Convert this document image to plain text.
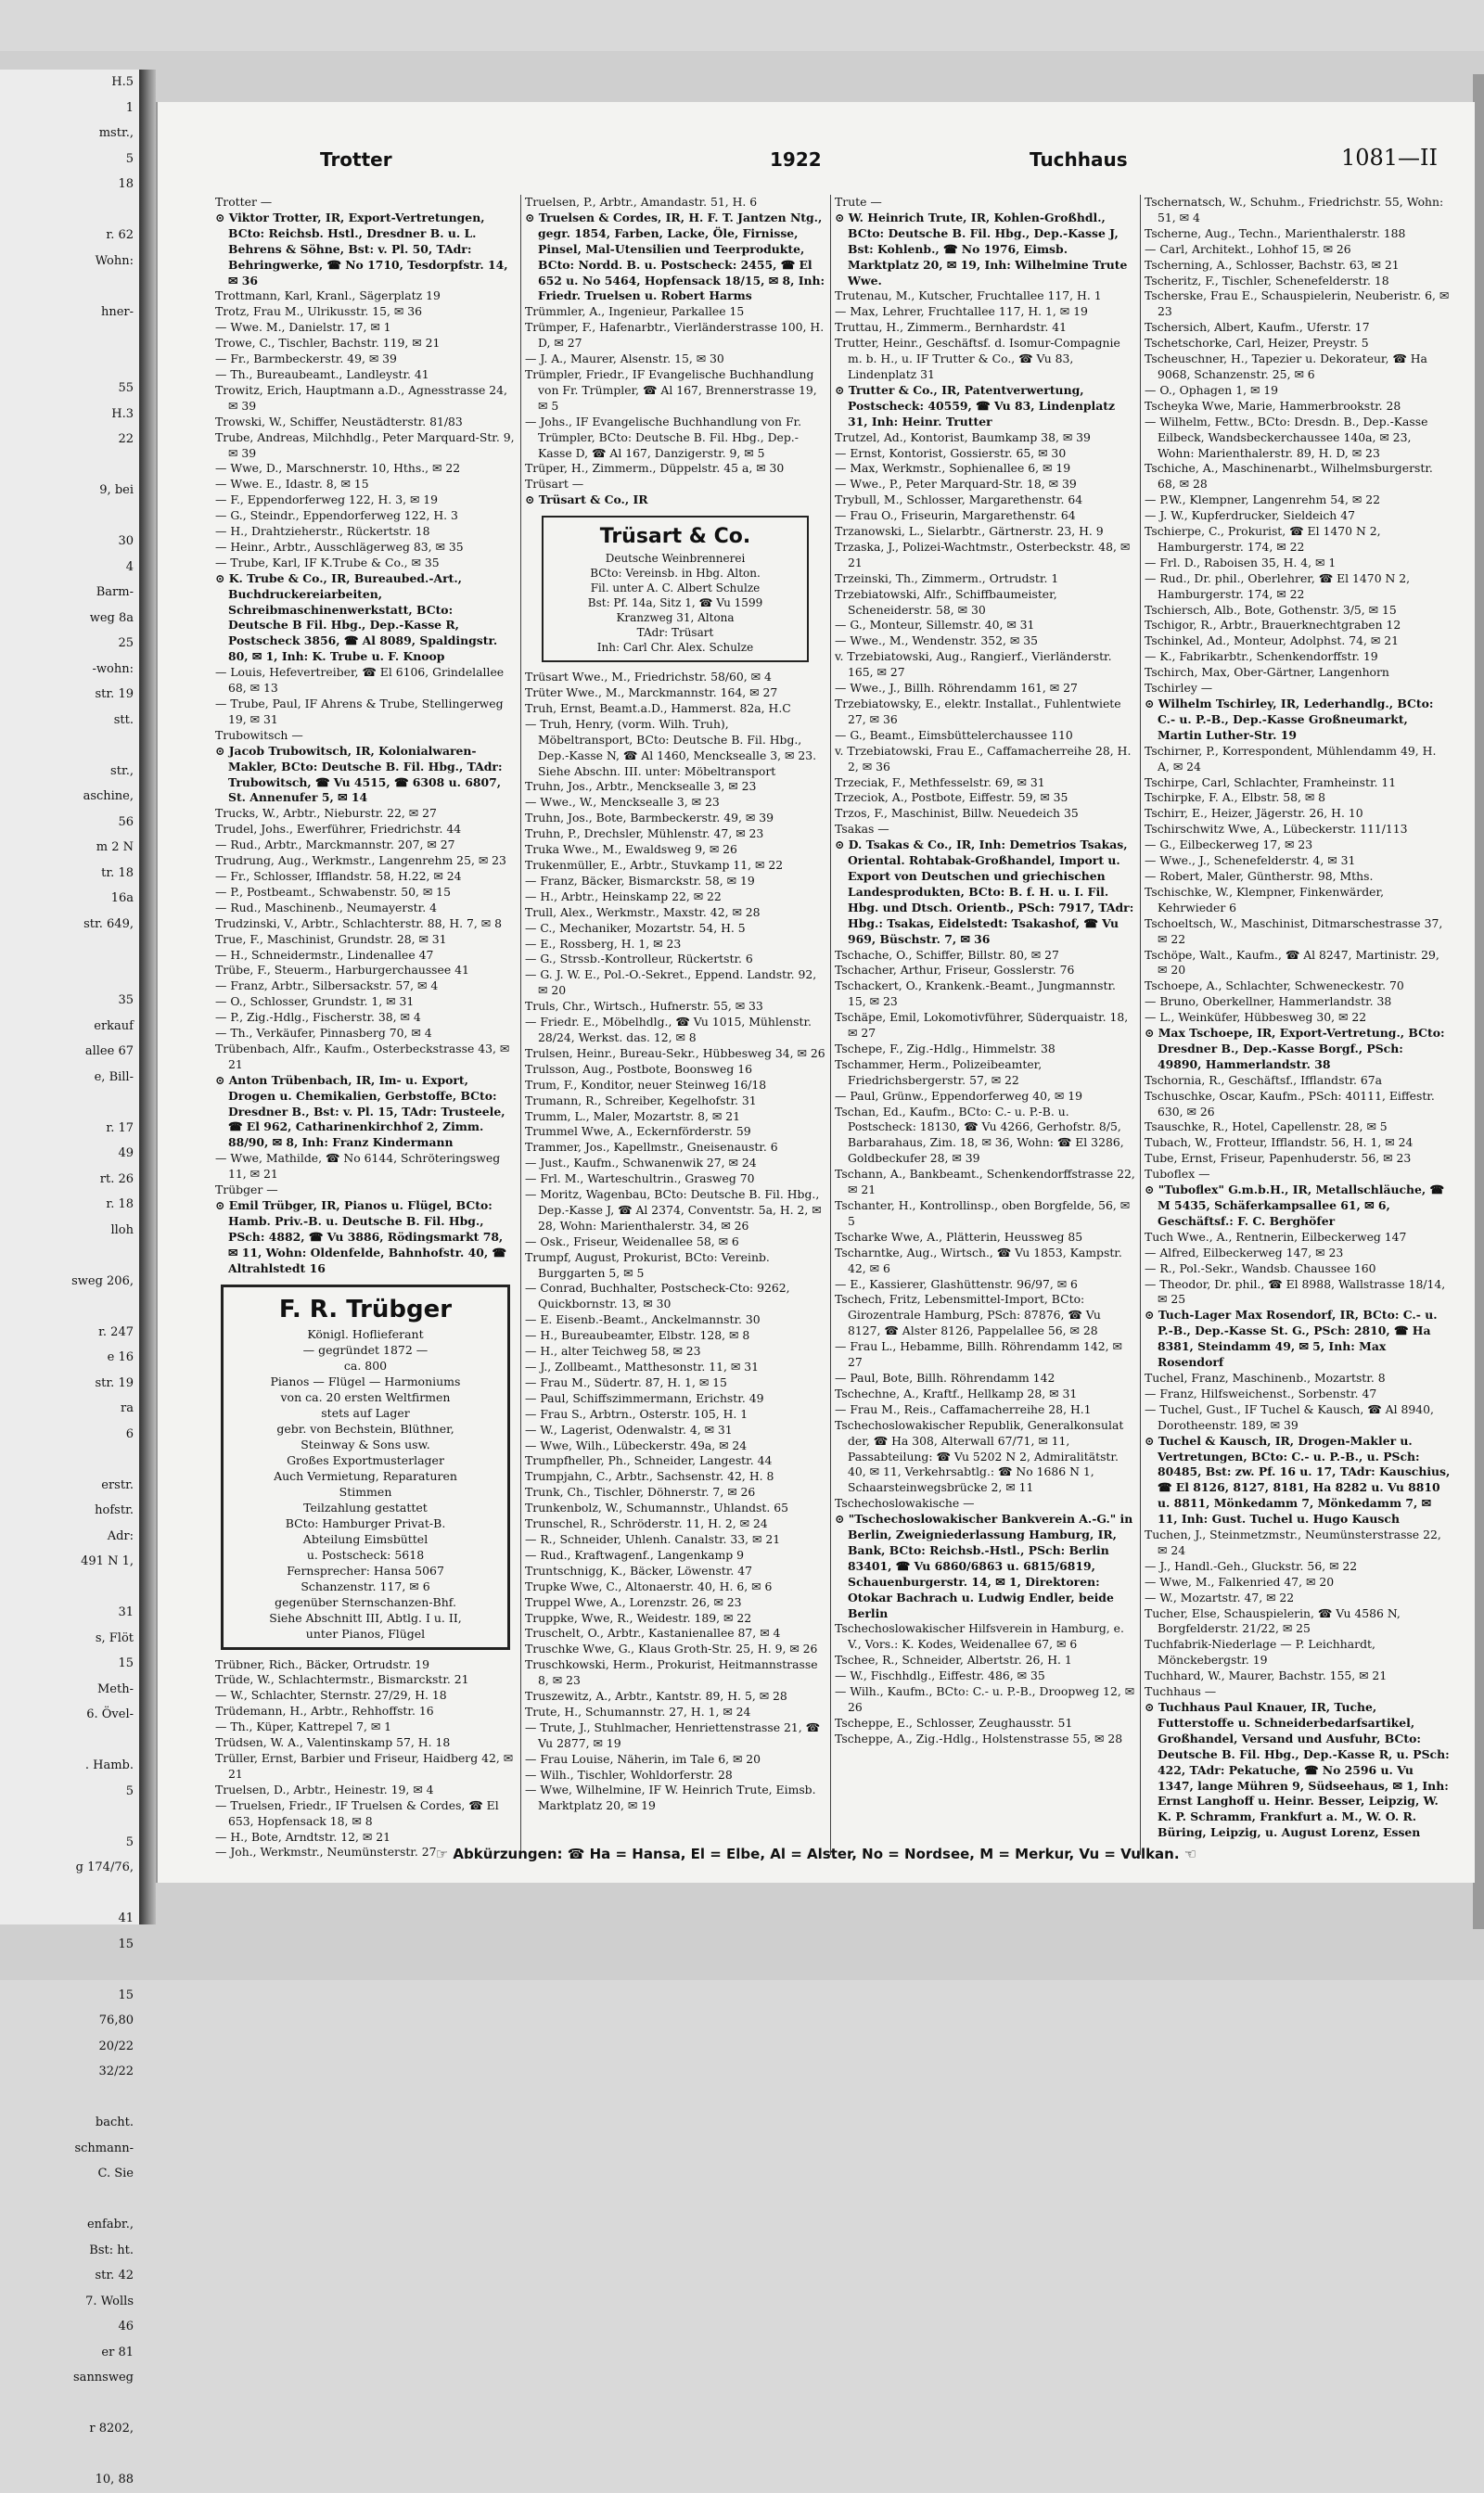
H.5
1
mstr.,
5
18

r. 62
Wohn:

hner-

55
H.3
22

9, bei

30
4
Barm-
weg 8a
25
-wohn:
str. 19
stt.

str.,
aschine,
56
m 2 N
tr. 18
16a
str. 649,

35
erkauf
allee 67
e, Bill-

r. 17
49
rt. 26
r. 18
lloh

sweg 206,

r. 247
e 16
str. 19
ra
6

erstr.
hofstr.
Adr:
491 N 1,

31
s, Flöt
15
Meth-
6. Övel-

. Hamb.
5

5
g 174/76,

41
15

15
76,80
20/22
32/22

bacht.
schmann-
C. Sie

enfabr.,
Bst: ht.
str. 42
7. Wolls
46
er 81
sannsweg

r 8202,

10, 88
Trotter	1922	Tuchhaus	1081—II

Trotter —

⊙ Viktor Trotter, IR, Export-Vertretungen, BCto: Reichsb. Hstl., Dresdner B. u. L. Behrens & Söhne, Bst: v. Pl. 50, TAdr: Behringwerke, ☎ No 1710, Tesdorpfstr. 14, ✉ 36

Trottmann, Karl, Kranl., Sägerplatz 19

Trotz, Frau M., Ulrikusstr. 15, ✉ 36

— Wwe. M., Danielstr. 17, ✉ 1

Trowe, C., Tischler, Bachstr. 119, ✉ 21

— Fr., Barmbeckerstr. 49, ✉ 39

— Th., Bureaubeamt., Landleystr. 41

Trowitz, Erich, Hauptmann a.D., Agnesstrasse 24, ✉ 39

Trowski, W., Schiffer, Neustädterstr. 81/83

Trube, Andreas, Milchhdlg., Peter Marquard-Str. 9, ✉ 39

— Wwe, D., Marschnerstr. 10, Hths., ✉ 22

— Wwe. E., Idastr. 8, ✉ 15

— F., Eppendorferweg 122, H. 3, ✉ 19

— G., Steindr., Eppendorferweg 122, H. 3

— H., Drahtzieherstr., Rückertstr. 18

— Heinr., Arbtr., Ausschlägerweg 83, ✉ 35

— Trube, Karl, IF K.Trube & Co., ✉ 35

⊙ K. Trube & Co., IR, Bureaubed.-Art., Buchdruckereiarbeiten, Schreibmaschinenwerkstatt, BCto: Deutsche B Fil. Hbg., Dep.-Kasse R, Postscheck 3856, ☎ Al 8089, Spaldingstr. 80, ✉ 1, Inh: K. Trube u. F. Knoop

— Louis, Hefevertreiber, ☎ El 6106, Grindelallee 68, ✉ 13

— Trube, Paul, IF Ahrens & Trube, Stellingerweg 19, ✉ 31

Trubowitsch —

⊙ Jacob Trubowitsch, IR, Kolonialwaren-Makler, BCto: Deutsche B. Fil. Hbg., TAdr: Trubowitsch, ☎ Vu 4515, ☎ 6308 u. 6807, St. Annenufer 5, ✉ 14

Trucks, W., Arbtr., Nieburstr. 22, ✉ 27

Trudel, Johs., Ewerführer, Friedrichstr. 44

— Rud., Arbtr., Marckmannstr. 207, ✉ 27

Trudrung, Aug., Werkmstr., Langenrehm 25, ✉ 23

— Fr., Schlosser, Ifflandstr. 58, H.22, ✉ 24

— P., Postbeamt., Schwabenstr. 50, ✉ 15

— Rud., Maschinenb., Neumayerstr. 4

Trudzinski, V., Arbtr., Schlachterstr. 88, H. 7, ✉ 8

True, F., Maschinist, Grundstr. 28, ✉ 31

— H., Schneidermstr., Lindenallee 47

Trübe, F., Steuerm., Harburgerchaussee 41

— Franz, Arbtr., Silbersackstr. 57, ✉ 4

— O., Schlosser, Grundstr. 1, ✉ 31

— P., Zig.-Hdlg., Fischerstr. 38, ✉ 4

— Th., Verkäufer, Pinnasberg 70, ✉ 4

Trübenbach, Alfr., Kaufm., Osterbeckstrasse 43, ✉ 21

⊙ Anton Trübenbach, IR, Im- u. Export, Drogen u. Chemikalien, Gerbstoffe, BCto: Dresdner B., Bst: v. Pl. 15, TAdr: Trusteele, ☎ El 962, Catharinenkirchhof 2, Zimm. 88/90, ✉ 8, Inh: Franz Kindermann

— Wwe, Mathilde, ☎ No 6144, Schröteringsweg 11, ✉ 21

Trübger —

⊙ Emil Trübger, IR, Pianos u. Flügel, BCto: Hamb. Priv.-B. u. Deutsche B. Fil. Hbg., PSch: 4882, ☎ Vu 3886, Rödingsmarkt 78, ✉ 11, Wohn: Oldenfelde, Bahnhofstr. 40, ☎ Altrahlstedt 16

F. R. Trübger
Königl. Hoflieferant
— gegründet 1872 —
ca. 800
Pianos — Flügel — Harmoniums
von ca. 20 ersten Weltfirmen
stets auf Lager
gebr. von Bechstein, Blüthner,
Steinway & Sons usw.
Großes Exportmusterlager
Auch Vermietung, Reparaturen
Stimmen
Teilzahlung gestattet
BCto: Hamburger Privat-B.
Abteilung Eimsbüttel
u. Postscheck: 5618
Fernsprecher: Hansa 5067
Schanzenstr. 117, ✉ 6
gegenüber Sternschanzen-Bhf.
Siehe Abschnitt III, Abtlg. I u. II,
unter Pianos, Flügel

Trübner, Rich., Bäcker, Ortrudstr. 19

Trüde, W., Schlachtermstr., Bismarckstr. 21

— W., Schlachter, Sternstr. 27/29, H. 18

Trüdemann, H., Arbtr., Rehhoffstr. 16

— Th., Küper, Kattrepel 7, ✉ 1

Trüdsen, W. A., Valentinskamp 57, H. 18

Trüller, Ernst, Barbier und Friseur, Haidberg 42, ✉ 21

Truelsen, D., Arbtr., Heinestr. 19, ✉ 4

— Truelsen, Friedr., IF Truelsen & Cordes, ☎ El 653, Hopfensack 18, ✉ 8

— H., Bote, Arndtstr. 12, ✉ 21

— Joh., Werkmstr., Neumünsterstr. 27

Truelsen, P., Arbtr., Amandastr. 51, H. 6

⊙ Truelsen & Cordes, IR, H. F. T. Jantzen Ntg., gegr. 1854, Farben, Lacke, Öle, Firnisse, Pinsel, Mal-Utensilien und Teerprodukte, BCto: Nordd. B. u. Postscheck: 2455, ☎ El 652 u. No 5464, Hopfensack 18/15, ✉ 8, Inh: Friedr. Truelsen u. Robert Harms

Trümmler, A., Ingenieur, Parkallee 15

Trümper, F., Hafenarbtr., Vierländerstrasse 100, H. D, ✉ 27

— J. A., Maurer, Alsenstr. 15, ✉ 30

Trümpler, Friedr., IF Evangelische Buchhandlung von Fr. Trümpler, ☎ Al 167, Brennerstrasse 19, ✉ 5

— Johs., IF Evangelische Buchhandlung von Fr. Trümpler, BCto: Deutsche B. Fil. Hbg., Dep.-Kasse D, ☎ Al 167, Danzigerstr. 9, ✉ 5

Trüper, H., Zimmerm., Düppelstr. 45 a, ✉ 30

Trüsart —

⊙ Trüsart & Co., IR

Trüsart & Co.
Deutsche Weinbrennerei
BCto: Vereinsb. in Hbg. Alton.
Fil. unter A. C. Albert Schulze
Bst: Pf. 14a, Sitz 1, ☎ Vu 1599
Kranzweg 31, Altona
TAdr: Trüsart
Inh: Carl Chr. Alex. Schulze

Trüsart Wwe., M., Friedrichstr. 58/60, ✉ 4

Trüter Wwe., M., Marckmannstr. 164, ✉ 27

Truh, Ernst, Beamt.a.D., Hammerst. 82a, H.C

— Truh, Henry, (vorm. Wilh. Truh), Möbeltransport, BCto: Deutsche B. Fil. Hbg., Dep.-Kasse N, ☎ Al 1460, Mencksealle 3, ✉ 23. Siehe Abschn. III. unter: Möbeltransport

Truhn, Jos., Arbtr., Mencksealle 3, ✉ 23

— Wwe., W., Mencksealle 3, ✉ 23

Truhn, Jos., Bote, Barmbeckerstr. 49, ✉ 39

Truhn, P., Drechsler, Mühlenstr. 47, ✉ 23

Truka Wwe., M., Ewaldsweg 9, ✉ 26

Trukenmüller, E., Arbtr., Stuvkamp 11, ✉ 22

— Franz, Bäcker, Bismarckstr. 58, ✉ 19

— H., Arbtr., Heinskamp 22, ✉ 22

Trull, Alex., Werkmstr., Maxstr. 42, ✉ 28

— C., Mechaniker, Mozartstr. 54, H. 5

— E., Rossberg, H. 1, ✉ 23

— G., Strssb.-Kontrolleur, Rückertstr. 6

— G. J. W. E., Pol.-O.-Sekret., Eppend. Landstr. 92, ✉ 20

Truls, Chr., Wirtsch., Hufnerstr. 55, ✉ 33

— Friedr. E., Möbelhdlg., ☎ Vu 1015, Mühlenstr. 28/24, Werkst. das. 12, ✉ 8

Trulsen, Heinr., Bureau-Sekr., Hübbesweg 34, ✉ 26

Trulsson, Aug., Postbote, Boonsweg 16

Trum, F., Konditor, neuer Steinweg 16/18

Trumann, R., Schreiber, Kegelhofstr. 31

Trumm, L., Maler, Mozartstr. 8, ✉ 21

Trummel Wwe, A., Eckernförderstr. 59

Trammer, Jos., Kapellmstr., Gneisenaustr. 6

— Just., Kaufm., Schwanenwik 27, ✉ 24

— Frl. M., Warteschultrin., Grasweg 70

— Moritz, Wagenbau, BCto: Deutsche B. Fil. Hbg., Dep.-Kasse J, ☎ Al 2374, Conventstr. 5a, H. 2, ✉ 28, Wohn: Marienthalerstr. 34, ✉ 26

— Osk., Friseur, Weidenallee 58, ✉ 6

Trumpf, August, Prokurist, BCto: Vereinb. Burggarten 5, ✉ 5

— Conrad, Buchhalter, Postscheck-Cto: 9262, Quickbornstr. 13, ✉ 30

— E. Eisenb.-Beamt., Anckelmannstr. 30

— H., Bureaubeamter, Elbstr. 128, ✉ 8

— H., alter Teichweg 58, ✉ 23

— J., Zollbeamt., Matthesonstr. 11, ✉ 31

— Frau M., Südertr. 87, H. 1, ✉ 15

— Paul, Schiffszimmermann, Erichstr. 49

— Frau S., Arbtrn., Osterstr. 105, H. 1

— W., Lagerist, Odenwalstr. 4, ✉ 31

— Wwe, Wilh., Lübeckerstr. 49a, ✉ 24

Trumpfheller, Ph., Schneider, Langestr. 44

Trumpjahn, C., Arbtr., Sachsenstr. 42, H. 8

Trunk, Ch., Tischler, Döhnerstr. 7, ✉ 26

Trunkenbolz, W., Schumannstr., Uhlandst. 65

Trunschel, R., Schröderstr. 11, H. 2, ✉ 24

— R., Schneider, Uhlenh. Canalstr. 33, ✉ 21

— Rud., Kraftwagenf., Langenkamp 9

Truntschnigg, K., Bäcker, Löwenstr. 47

Trupke Wwe, C., Altonaerstr. 40, H. 6, ✉ 6

Truppel Wwe, A., Lorenzstr. 26, ✉ 23

Truppke, Wwe, R., Weidestr. 189, ✉ 22

Truschelt, O., Arbtr., Kastanienallee 87, ✉ 4

Truschke Wwe, G., Klaus Groth-Str. 25, H. 9, ✉ 26

Truschkowski, Herm., Prokurist, Heitmannstrasse 8, ✉ 23

Truszewitz, A., Arbtr., Kantstr. 89, H. 5, ✉ 28

Trute, H., Schumannstr. 27, H. 1, ✉ 24

— Trute, J., Stuhlmacher, Henriettenstrasse 21, ☎ Vu 2877, ✉ 19

— Frau Louise, Näherin, im Tale 6, ✉ 20

— Wilh., Tischler, Wohldorferstr. 28

— Wwe, Wilhelmine, IF W. Heinrich Trute, Eimsb. Marktplatz 20, ✉ 19

Trute —

⊙ W. Heinrich Trute, IR, Kohlen-Großhdl., BCto: Deutsche B. Fil. Hbg., Dep.-Kasse J, Bst: Kohlenb., ☎ No 1976, Eimsb. Marktplatz 20, ✉ 19, Inh: Wilhelmine Trute Wwe.

Trutenau, M., Kutscher, Fruchtallee 117, H. 1

— Max, Lehrer, Fruchtallee 117, H. 1, ✉ 19

Truttau, H., Zimmerm., Bernhardstr. 41

Trutter, Heinr., Geschäftsf. d. Isomur-Compagnie m. b. H., u. IF Trutter & Co., ☎ Vu 83, Lindenplatz 31

⊙ Trutter & Co., IR, Patentverwertung, Postscheck: 40559, ☎ Vu 83, Lindenplatz 31, Inh: Heinr. Trutter

Trutzel, Ad., Kontorist, Baumkamp 38, ✉ 39

— Ernst, Kontorist, Gossierstr. 65, ✉ 30

— Max, Werkmstr., Sophienallee 6, ✉ 19

— Wwe., P., Peter Marquard-Str. 18, ✉ 39

Trybull, M., Schlosser, Margarethenstr. 64

— Frau O., Friseurin, Margarethenstr. 64

Trzanowski, L., Sielarbtr., Gärtnerstr. 23, H. 9

Trzaska, J., Polizei-Wachtmstr., Osterbeckstr. 48, ✉ 21

Trzeinski, Th., Zimmerm., Ortrudstr. 1

Trzebiatowski, Alfr., Schiffbaumeister, Scheneiderstr. 58, ✉ 30

— G., Monteur, Sillemstr. 40, ✉ 31

— Wwe., M., Wendenstr. 352, ✉ 35

v. Trzebiatowski, Aug., Rangierf., Vierländerstr. 165, ✉ 27

— Wwe., J., Billh. Röhrendamm 161, ✉ 27

Trzebiatowsky, E., elektr. Installat., Fuhlentwiete 27, ✉ 36

— G., Beamt., Eimsbüttelerchaussee 110

v. Trzebiatowski, Frau E., Caffamacherreihe 28, H. 2, ✉ 36

Trzeciak, F., Methfesselstr. 69, ✉ 31

Trzeciok, A., Postbote, Eiffestr. 59, ✉ 35

Trzos, F., Maschinist, Billw. Neuedeich 35

Tsakas —

⊙ D. Tsakas & Co., IR, Inh: Demetrios Tsakas, Oriental. Rohtabak-Großhandel, Import u. Export von Deutschen und griechischen Landesprodukten, BCto: B. f. H. u. I. Fil. Hbg. und Dtsch. Orientb., PSch: 7917, TAdr: Hbg.: Tsakas, Eidelstedt: Tsakashof, ☎ Vu 969, Büschstr. 7, ✉ 36

Tschache, O., Schiffer, Billstr. 80, ✉ 27

Tschacher, Arthur, Friseur, Gosslerstr. 76

Tschackert, O., Krankenk.-Beamt., Jungmannstr. 15, ✉ 23

Tschäpe, Emil, Lokomotivführer, Süderquaistr. 18, ✉ 27

Tschepe, F., Zig.-Hdlg., Himmelstr. 38

Tschammer, Herm., Polizeibeamter, Friedrichsbergerstr. 57, ✉ 22

— Paul, Grünw., Eppendorferweg 40, ✉ 19

Tschan, Ed., Kaufm., BCto: C.- u. P.-B. u. Postscheck: 18130, ☎ Vu 4266, Gerhofstr. 8/5, Barbarahaus, Zim. 18, ✉ 36, Wohn: ☎ El 3286, Goldbeckufer 28, ✉ 39

Tschann, A., Bankbeamt., Schenkendorffstrasse 22, ✉ 21

Tschanter, H., Kontrollinsp., oben Borgfelde, 56, ✉ 5

Tscharke Wwe, A., Plätterin, Heussweg 85

Tscharntke, Aug., Wirtsch., ☎ Vu 1853, Kampstr. 42, ✉ 6

— E., Kassierer, Glashüttenstr. 96/97, ✉ 6

Tschech, Fritz, Lebensmittel-Import, BCto: Girozentrale Hamburg, PSch: 87876, ☎ Vu 8127, ☎ Alster 8126, Pappelallee 56, ✉ 28

— Frau L., Hebamme, Billh. Röhrendamm 142, ✉ 27

— Paul, Bote, Billh. Röhrendamm 142

Tschechne, A., Kraftf., Hellkamp 28, ✉ 31

— Frau M., Reis., Caffamacherreihe 28, H.1

Tschechoslowakischer Republik, Generalkonsulat der, ☎ Ha 308, Alterwall 67/71, ✉ 11, Passabteilung: ☎ Vu 5202 N 2, Admiralitätstr. 40, ✉ 11, Verkehrsabtlg.: ☎ No 1686 N 1, Schaarsteinwegsbrücke 2, ✉ 11

Tschechoslowakische —

⊙ "Tschechoslowakischer Bankverein A.-G." in Berlin, Zweigniederlassung Hamburg, IR, Bank, BCto: Reichsb.-Hstl., PSch: Berlin 83401, ☎ Vu 6860/6863 u. 6815/6819, Schauenburgerstr. 14, ✉ 1, Direktoren: Otokar Bachrach u. Ludwig Endler, beide Berlin

Tschechoslowakischer Hilfsverein in Hamburg, e. V., Vors.: K. Kodes, Weidenallee 67, ✉ 6

Tschee, R., Schneider, Albertstr. 26, H. 1

— W., Fischhdlg., Eiffestr. 486, ✉ 35

— Wilh., Kaufm., BCto: C.- u. P.-B., Droopweg 12, ✉ 26

Tscheppe, E., Schlosser, Zeughausstr. 51

Tscheppe, A., Zig.-Hdlg., Holstenstrasse 55, ✉ 28

Tschernatsch, W., Schuhm., Friedrichstr. 55, Wohn: 51, ✉ 4

Tscherne, Aug., Techn., Marienthalerstr. 188

— Carl, Architekt., Lohhof 15, ✉ 26

Tscherning, A., Schlosser, Bachstr. 63, ✉ 21

Tscheritz, F., Tischler, Schenefelderstr. 18

Tscherske, Frau E., Schauspielerin, Neuberistr. 6, ✉ 23

Tschersich, Albert, Kaufm., Uferstr. 17

Tschetschorke, Carl, Heizer, Preystr. 5

Tscheuschner, H., Tapezier u. Dekorateur, ☎ Ha 9068, Schanzenstr. 25, ✉ 6

— O., Ophagen 1, ✉ 19

Tscheyka Wwe, Marie, Hammerbrookstr. 28

— Wilhelm, Fettw., BCto: Dresdn. B., Dep.-Kasse Eilbeck, Wandsbeckerchaussee 140a, ✉ 23, Wohn: Marienthalerstr. 89, H. D, ✉ 23

Tschiche, A., Maschinenarbt., Wilhelmsburgerstr. 68, ✉ 28

— P.W., Klempner, Langenrehm 54, ✉ 22

— J. W., Kupferdrucker, Sieldeich 47

Tschierpe, C., Prokurist, ☎ El 1470 N 2, Hamburgerstr. 174, ✉ 22

— Frl. D., Raboisen 35, H. 4, ✉ 1

— Rud., Dr. phil., Oberlehrer, ☎ El 1470 N 2, Hamburgerstr. 174, ✉ 22

Tschiersch, Alb., Bote, Gothenstr. 3/5, ✉ 15

Tschigor, R., Arbtr., Brauerknechtgraben 12

Tschinkel, Ad., Monteur, Adolphst. 74, ✉ 21

— K., Fabrikarbtr., Schenkendorffstr. 19

Tschirch, Max, Ober-Gärtner, Langenhorn

Tschirley —

⊙ Wilhelm Tschirley, IR, Lederhandlg., BCto: C.- u. P.-B., Dep.-Kasse Großneumarkt, Martin Luther-Str. 19

Tschirner, P., Korrespondent, Mühlendamm 49, H. A, ✉ 24

Tschirpe, Carl, Schlachter, Framheinstr. 11

Tschirpke, F. A., Elbstr. 58, ✉ 8

Tschirr, E., Heizer, Jägerstr. 26, H. 10

Tschirschwitz Wwe, A., Lübeckerstr. 111/113

— G., Eilbeckerweg 17, ✉ 23

— Wwe., J., Schenefelderstr. 4, ✉ 31

— Robert, Maler, Güntherstr. 98, Mths.

Tschischke, W., Klempner, Finkenwärder, Kehrwieder 6

Tschoeltsch, W., Maschinist, Ditmarschestrasse 37, ✉ 22

Tschöpe, Walt., Kaufm., ☎ Al 8247, Martinistr. 29, ✉ 20

Tschoepe, A., Schlachter, Schweneckestr. 70

— Bruno, Oberkellner, Hammerlandstr. 38

— L., Weinküfer, Hübbesweg 30, ✉ 22

⊙ Max Tschoepe, IR, Export-Vertretung., BCto: Dresdner B., Dep.-Kasse Borgf., PSch: 49890, Hammerlandstr. 38

Tschornia, R., Geschäftsf., Ifflandstr. 67a

Tschuschke, Oscar, Kaufm., PSch: 40111, Eiffestr. 630, ✉ 26

Tsauschke, R., Hotel, Capellenstr. 28, ✉ 5

Tubach, W., Frotteur, Ifflandstr. 56, H. 1, ✉ 24

Tube, Ernst, Friseur, Papenhuderstr. 56, ✉ 23

Tuboflex —

⊙ "Tuboflex" G.m.b.H., IR, Metallschläuche, ☎ M 5435, Schäferkampsallee 61, ✉ 6, Geschäftsf.: F. C. Berghöfer

Tuch Wwe., A., Rentnerin, Eilbeckerweg 147

— Alfred, Eilbeckerweg 147, ✉ 23

— R., Pol.-Sekr., Wandsb. Chaussee 160

— Theodor, Dr. phil., ☎ El 8988, Wallstrasse 18/14, ✉ 25

⊙ Tuch-Lager Max Rosendorf, IR, BCto: C.- u. P.-B., Dep.-Kasse St. G., PSch: 2810, ☎ Ha 8381, Steindamm 49, ✉ 5, Inh: Max Rosendorf

Tuchel, Franz, Maschinenb., Mozartstr. 8

— Franz, Hilfsweichenst., Sorbenstr. 47

— Tuchel, Gust., IF Tuchel & Kausch, ☎ Al 8940, Dorotheenstr. 189, ✉ 39

⊙ Tuchel & Kausch, IR, Drogen-Makler u. Vertretungen, BCto: C.- u. P.-B., u. PSch: 80485, Bst: zw. Pf. 16 u. 17, TAdr: Kauschius, ☎ El 8126, 8127, 8181, Ha 8282 u. Vu 8810 u. 8811, Mönkedamm 7, Mönkedamm 7, ✉ 11, Inh: Gust. Tuchel u. Hugo Kausch

Tuchen, J., Steinmetzmstr., Neumünsterstrasse 22, ✉ 24

— J., Handl.-Geh., Gluckstr. 56, ✉ 22

— Wwe, M., Falkenried 47, ✉ 20

— W., Mozartstr. 47, ✉ 22

Tucher, Else, Schauspielerin, ☎ Vu 4586 N, Borgfelderstr. 21/22, ✉ 25

Tuchfabrik-Niederlage — P. Leichhardt, Mönckebergstr. 19

Tuchhard, W., Maurer, Bachstr. 155, ✉ 21

Tuchhaus —

⊙ Tuchhaus Paul Knauer, IR, Tuche, Futterstoffe u. Schneiderbedarfsartikel, Großhandel, Versand und Ausfuhr, BCto: Deutsche B. Fil. Hbg., Dep.-Kasse R, u. PSch: 422, TAdr: Pekatuche, ☎ No 2596 u. Vu 1347, lange Mühren 9, Südseehaus, ✉ 1, Inh: Ernst Langhoff u. Heinr. Besser, Leipzig, W. K. P. Schramm, Frankfurt a. M., W. O. R. Büring, Leipzig, u. August Lorenz, Essen

☞ Abkürzungen: ☎ Ha = Hansa, El = Elbe, Al = Alster, No = Nordsee, M = Merkur, Vu = Vulkan. ☜
